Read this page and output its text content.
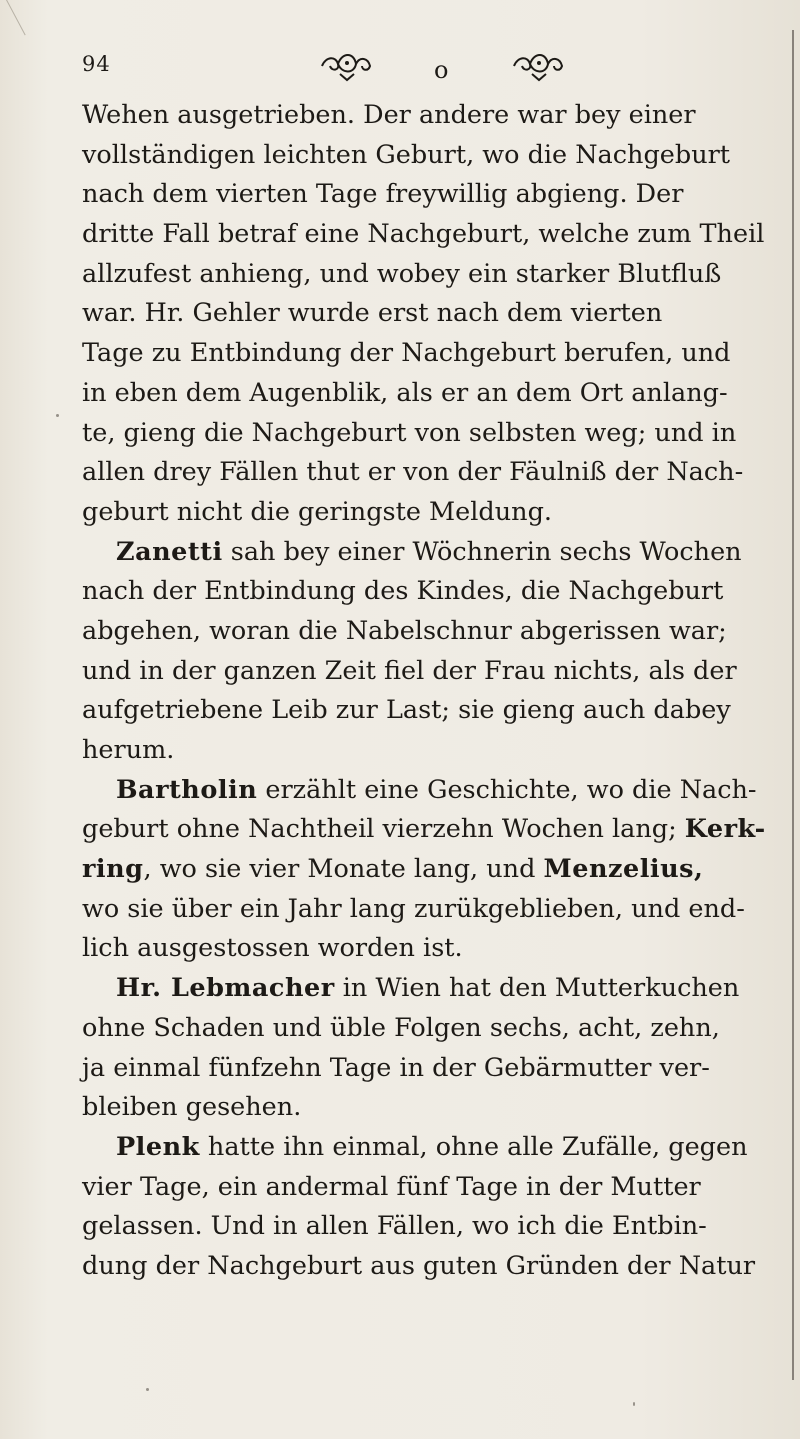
94	o
Wehen ausgetrieben. Der andere war bey einer
vollständigen leichten Geburt, wo die Nachgeburt
nach dem vierten Tage freywillig abgieng. Der
dritte Fall betraf eine Nachgeburt, welche zum Theil
allzufest anhieng, und wobey ein starker Blutfluß
war. Hr. Gehler wurde erst nach dem vierten
Tage zu Entbindung der Nachgeburt berufen, und
in eben dem Augenblik, als er an dem Ort anlang-
te, gieng die Nachgeburt von selbsten weg; und in
allen drey Fällen thut er von der Fäulniß der Nach-
geburt nicht die geringste Meldung.
Zanetti sah bey einer Wöchnerin sechs Wochen
nach der Entbindung des Kindes, die Nachgeburt
abgehen, woran die Nabelschnur abgerissen war;
und in der ganzen Zeit fiel der Frau nichts, als der
aufgetriebene Leib zur Last; sie gieng auch dabey
herum.
Bartholin erzählt eine Geschichte, wo die Nach-
geburt ohne Nachtheil vierzehn Wochen lang; Kerk-
ring, wo sie vier Monate lang, und Menzelius,
wo sie über ein Jahr lang zurükgeblieben, und end-
lich ausgestossen worden ist.
Hr. Lebmacher in Wien hat den Mutterkuchen
ohne Schaden und üble Folgen sechs, acht, zehn,
ja einmal fünfzehn Tage in der Gebärmutter ver-
bleiben gesehen.
Plenk hatte ihn einmal, ohne alle Zufälle, gegen
vier Tage, ein andermal fünf Tage in der Mutter
gelassen. Und in allen Fällen, wo ich die Entbin-
dung der Nachgeburt aus guten Gründen der Natur
